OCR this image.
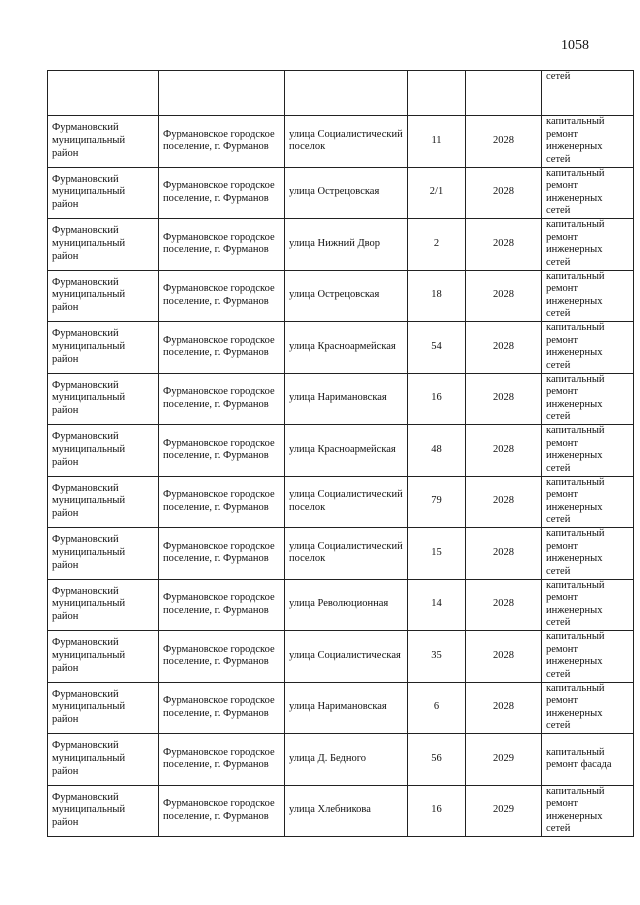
1058
					сетей
Фурмановский муниципальный район	Фурмановское городское поселение, г. Фурманов	улица Социалистический поселок	11	2028	капитальный ремонт инженерных сетей
Фурмановский муниципальный район	Фурмановское городское поселение, г. Фурманов	улица Острецовская	2/1	2028	капитальный ремонт инженерных сетей
Фурмановский муниципальный район	Фурмановское городское поселение, г. Фурманов	улица Нижний Двор	2	2028	капитальный ремонт инженерных сетей
Фурмановский муниципальный район	Фурмановское городское поселение, г. Фурманов	улица Острецовская	18	2028	капитальный ремонт инженерных сетей
Фурмановский муниципальный район	Фурмановское городское поселение, г. Фурманов	улица Красноармейская	54	2028	капитальный ремонт инженерных сетей
Фурмановский муниципальный район	Фурмановское городское поселение, г. Фурманов	улица Наримановская	16	2028	капитальный ремонт инженерных сетей
Фурмановский муниципальный район	Фурмановское городское поселение, г. Фурманов	улица Красноармейская	48	2028	капитальный ремонт инженерных сетей
Фурмановский муниципальный район	Фурмановское городское поселение, г. Фурманов	улица Социалистический поселок	79	2028	капитальный ремонт инженерных сетей
Фурмановский муниципальный район	Фурмановское городское поселение, г. Фурманов	улица Социалистический поселок	15	2028	капитальный ремонт инженерных сетей
Фурмановский муниципальный район	Фурмановское городское поселение, г. Фурманов	улица Революционная	14	2028	капитальный ремонт инженерных сетей
Фурмановский муниципальный район	Фурмановское городское поселение, г. Фурманов	улица Социалистическая	35	2028	капитальный ремонт инженерных сетей
Фурмановский муниципальный район	Фурмановское городское поселение, г. Фурманов	улица Наримановская	6	2028	капитальный ремонт инженерных сетей
Фурмановский муниципальный район	Фурмановское городское поселение, г. Фурманов	улица Д. Бедного	56	2029	капитальный ремонт фасада
Фурмановский муниципальный район	Фурмановское городское поселение, г. Фурманов	улица Хлебникова	16	2029	капитальный ремонт инженерных сетей
